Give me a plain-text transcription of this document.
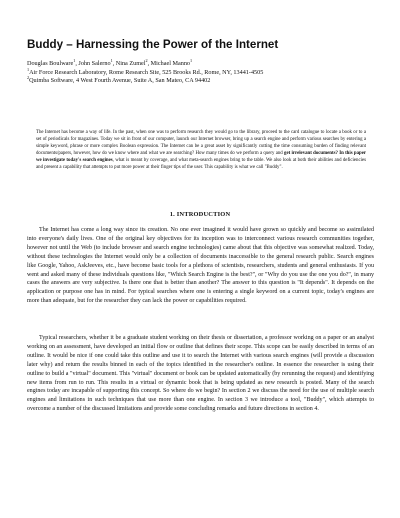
Buddy – Harnessing the Power of the Internet
Douglas Boulware$^1$, John Salerno$^1$, Nina Zumel$^2$, Michael Manno$^1$
$^1$Air Force Research Laboratory, Rome Research Site, 525 Brooks Rd., Rome, NY, 13441-4505
$^2$Quimba Software, 4 West Fourth Avenue, Suite A, San Mateo, CA 94402
The Internet has become a way of life. In the past, when one was to perform research they would go to the library, proceed to the card catalogue to locate a book or to a set of periodicals for magazines. Today we sit in front of our computer, launch our Internet browser, bring up a search engine and perform various searches by entering a simple keyword, phrase or more complex Boolean expression. The Internet can be a great asset by significantly cutting the time consuming burden of finding relevant documents/papers, however, how do we know where and what we are searching? How many times do we perform a query and get irrelevant documents? In this paper we investigate today's search engines, what is meant by coverage, and what meta-search engines bring to the table. We also look at both their abilities and deficiencies and present a capability that attempts to put more power at their finger tips of the user. This capability is what we call "Buddy".
1. INTRODUCTION
The Internet has come a long way since its creation. No one ever imagined it would have grown so quickly and become so assimilated into everyone's daily lives. One of the original key objectives for its inception was to interconnect various research communities together, however not until the Web (to include browser and search engine technologies) came about that this objective was somewhat realized. Today, without these technologies the Internet would only be a collection of documents inaccessible to the general research public. Search engines like Google, Yahoo, AskJeeves, etc., have become basic tools for a plethora of scientists, researchers, students and general enthusiasts. If you went and asked many of these individuals questions like, "Which Search Engine is the best?", or "Why do you use the one you do?", in many cases the answers are very subjective. Is there one that is better than another? The answer to this question is "It depends". It depends on the application or purpose one has in mind. For typical searches where one is entering a single keyword on a current topic, today's engines are more than adequate, but for the researcher they can lack the power or capabilities required.
Typical researchers, whether it be a graduate student working on their thesis or dissertation, a professor working on a paper or an analyst working on an assessment, have developed an initial flow or outline that defines their scope. This scope can be easily described in terms of an outline. It would be nice if one could take this outline and use it to search the Internet with various search engines (will provide a discussion later why) and return the results binned in each of the topics identified in the researcher's outline. In essence the researcher is using their outline to build a "virtual" document. This "virtual" document or book can be updated automatically (by rerunning the request) and identifying new items from run to run. This results in a virtual or dynamic book that is being updated as new research is posted. Many of the search engines today are incapable of supporting this concept. So where do we begin? In section 2 we discuss the need for the use of multiple search engines and limitations in such techniques that use more than one engine. In section 3 we introduce a tool, "Buddy", which attempts to overcome a number of the discussed limitations and provide some concluding remarks and future directions in section 4.
